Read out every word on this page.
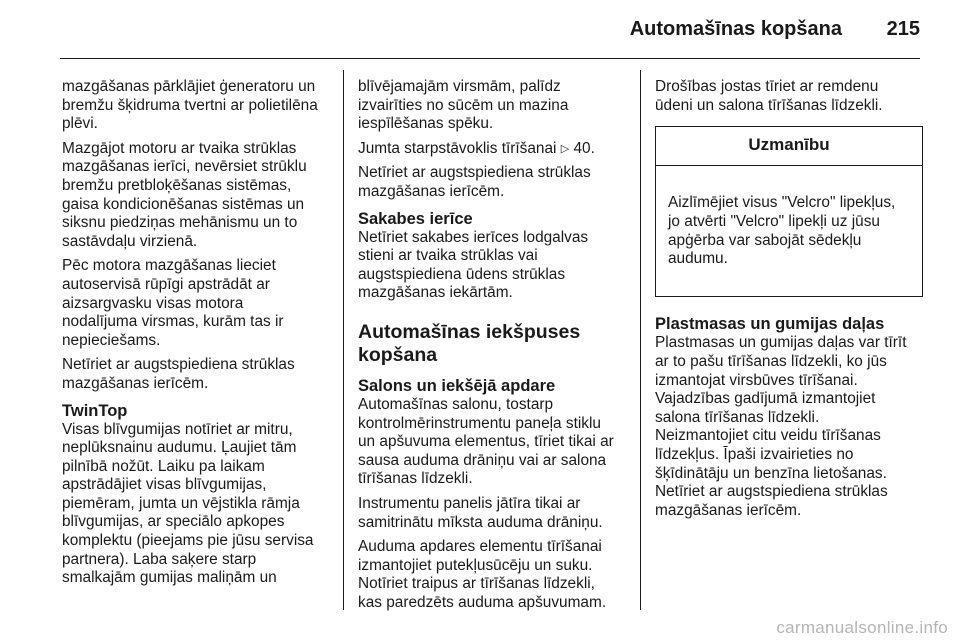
Automašīnas kopšana 215

mazgāšanas pārklājiet ģeneratoru un
bremžu šķidruma tvertni ar polietilēna
plēvi.

Mazgājot motoru ar tvaika strūklas
mazgāšanas ierīci, nevērsiet strūklu
bremžu pretbloķēšanas sistēmas,
gaisa kondicionēšanas sistēmas un
siksnu piedziņas mehānismu un to
sastāvdaļu virzienā.

Pēc motora mazgāšanas lieciet
autoservisā rūpīgi apstrādāt ar
aizsargvasku visas motora
nodalījuma virsmas, kurām tas ir
nepieciešams.

Netīriet ar augstspiediena strūklas
mazgāšanas ierīcēm.

TwinTop

Visas blīvgumijas notīriet ar mitru,
neplūksnainu audumu. Ļaujiet tām
pilnībā nožūt. Laiku pa laikam
apstrādājiet visas blīvgumijas,
piemēram, jumta un vējstikla rāmja
blīvgumijas, ar speciālo apkopes
komplektu (pieejams pie jūsu servisa
partnera). Laba saķere starp
smalkajām gumijas maliņām un

blīvējamajām virsmām, palīdz
izvairīties no sūcēm un mazina
iespīlēšanas spēku.

Jumta starpstāvoklis tīrīšanai ▷ 40.

Netīriet ar augstspiediena strūklas
mazgāšanas ierīcēm.

Sakabes ierīce

Netīriet sakabes ierīces lodgalvas
stieni ar tvaika strūklas vai
augstspiediena ūdens strūklas
mazgāšanas iekārtām.

Automašīnas iekšpuses
kopšana
Salons un iekšējā apdare

Automašīnas salonu, tostarp
kontrolmērinstrumentu paneļa stiklu
un apšuvuma elementus, tīriet tikai ar
sausa auduma drāniņu vai ar salona
tīrīšanas līdzekli.

Instrumentu panelis jātīra tikai ar
samitrinātu mīksta auduma drāniņu.

Auduma apdares elementu tīrīšanai
izmantojiet putekļusūcēju un suku.
Notīriet traipus ar tīrīšanas līdzekli,
kas paredzēts auduma apšuvumam.

Drošības jostas tīriet ar remdenu
ūdeni un salona tīrīšanas līdzekli.

Uzmanību

Aizlīmējiet visus "Velcro" lipekļus,
jo atvērti "Velcro" lipekļi uz jūsu
apģērba var sabojāt sēdekļu
audumu.

Plastmasas un gumijas daļas

Plastmasas un gumijas daļas var tīrīt
ar to pašu tīrīšanas līdzekli, ko jūs
izmantojat virsbūves tīrīšanai.
Vajadzības gadījumā izmantojiet
salona tīrīšanas līdzekli.
Neizmantojiet citu veidu tīrīšanas
līdzekļus. Īpaši izvairieties no
šķīdinātāju un benzīna lietošanas.
Netīriet ar augstspiediena strūklas
mazgāšanas ierīcēm.

carmanualsonline.info
